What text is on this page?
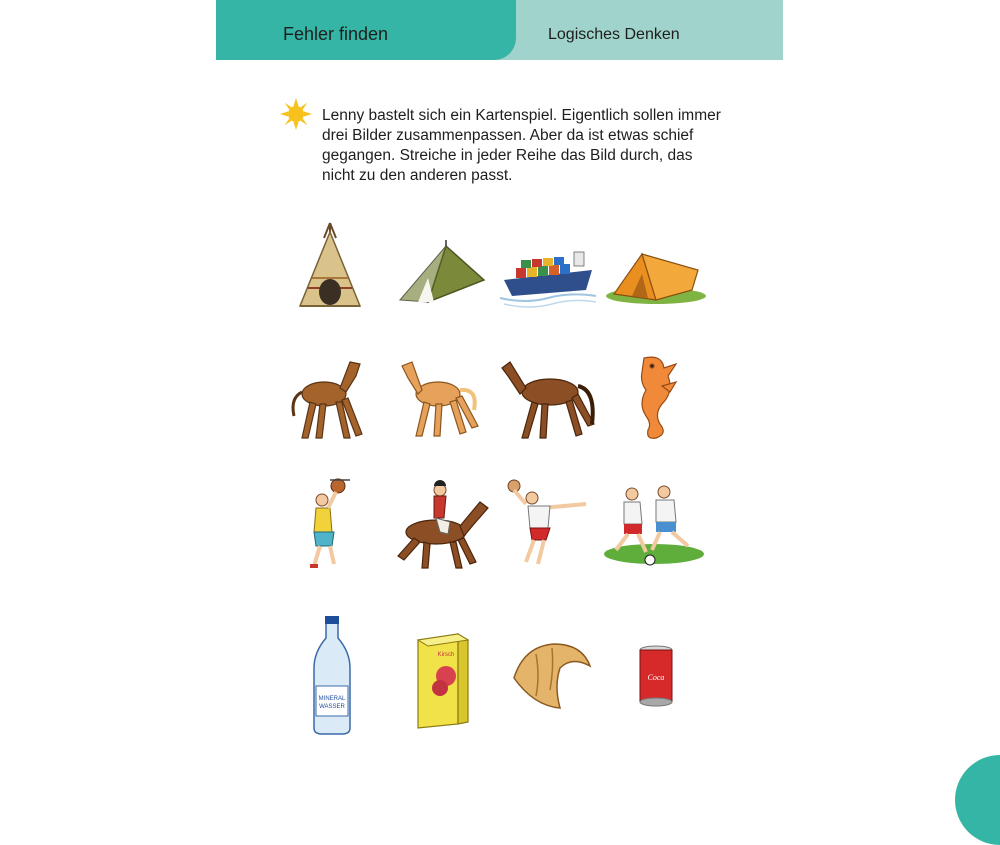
Logisches Denken
Fehler finden
Lenny bastelt sich ein Kartenspiel. Eigentlich sollen immer drei Bilder zusammenpassen. Aber da ist etwas schief gegangen. Streiche in jeder Reihe das Bild durch, das nicht zu den anderen passt.
MINERAL
WASSER
Kirsch
Coca
